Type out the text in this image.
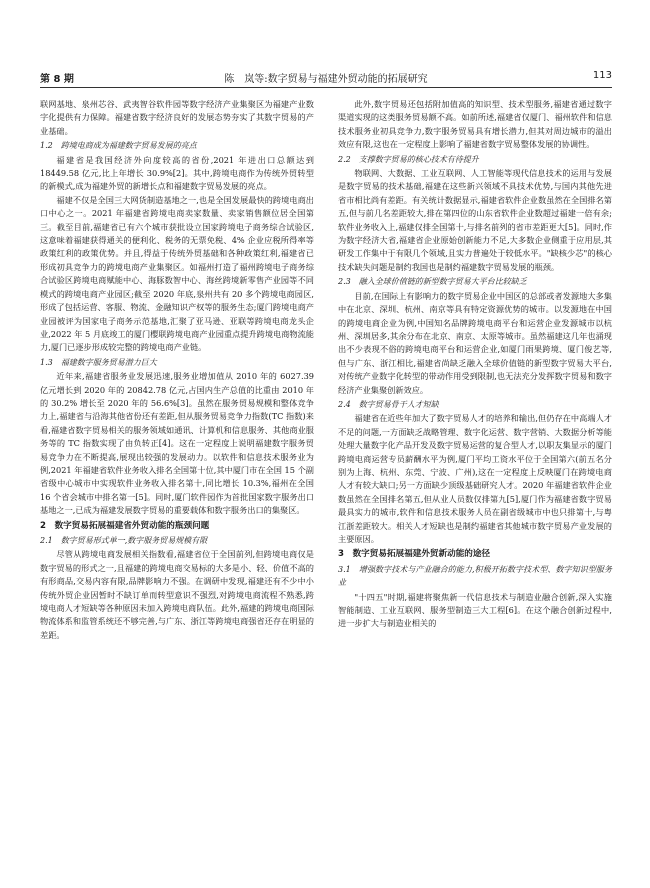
第 8 期	陈　岚等:数字贸易与福建外贸动能的拓展研究	113

联网基地、泉州芯谷、武夷智谷软件园等数字经济产业集聚区为福建产业数字化提供有力保障。福建省数字经济良好的发展态势夯实了其数字贸易的产业基础。

1.2　跨境电商成为福建数字贸易发展的亮点

福建省是我国经济外向度较高的省份,2021 年进出口总额达到 18449.58 亿元,比上年增长 30.9%[2]。其中,跨境电商作为传统外贸转型的新模式,成为福建外贸的新增长点和福建数字贸易发展的亮点。

福建不仅是全国三大网货制造基地之一,也是全国发展最快的跨境电商出口中心之一。2021 年福建省跨境电商卖家数量、卖家销售额位居全国第三。截至目前,福建省已有六个城市获批设立国家跨境电子商务综合试验区,这意味着福建获得通关的便利化、税务的无票免税、4% 企业应税所得率等政策红利的政策优势。并且,得益于传统外贸基础和各种政策红利,福建省已形成初具竞争力的跨境电商产业集聚区。如福州打造了福州跨境电子商务综合试验区跨境电商赋能中心、海豚数智中心、海丝跨境新零售产业园等不同模式的跨境电商产业园区;截至 2020 年底,泉州共有 20 多个跨境电商园区,形成了包括运营、客服、物流、金融知识产权等的服务生态;厦门跨境电商产业园被评为国家电子商务示范基地,汇聚了亚马逊、亚联等跨境电商龙头企业,2022 年 5 月底竣工的厦门樱联跨境电商产业园重点提升跨境电商物流能力,厦门已逐步形成较完整的跨境电商产业链。

1.3　福建数字服务贸易潜力巨大

近年来,福建省服务业发展迅速,服务业增加值从 2010 年的 6027.39 亿元增长到 2020 年的 20842.78 亿元,占国内生产总值的比重由 2010 年的 30.2% 增长至 2020 年的 56.6%[3]。虽然在服务贸易规模和整体竞争力上,福建省与沿海其他省份还有差距,但从服务贸易竞争力指数(TC 指数)来看,福建省数字贸易相关的服务领域如通讯、计算机和信息服务、其他商业服务等的 TC 指数实现了由负转正[4]。这在一定程度上说明福建数字服务贸易竞争力在不断提高,展现出较强的发展动力。以软件和信息技术服务业为例,2021 年福建省软件业务收入排名全国第十位,其中厦门市在全国 15 个副省级中心城市中实现软件业务收入排名第十,同比增长 10.3%,福州在全国 16 个省会城市中排名第一[5]。同时,厦门软件园作为首批国家数字服务出口基地之一,已成为福建发展数字贸易的重要载体和数字服务出口的集聚区。

2　数字贸易拓展福建省外贸动能的瓶颈问题
2.1　数字贸易形式单一,数字服务贸易规模有限

尽管从跨境电商发展相关指数看,福建省位于全国前列,但跨境电商仅是数字贸易的形式之一,且福建的跨境电商交易标的大多是小、轻、价值不高的有形商品,交易内容有限,品牌影响力不强。在调研中发现,福建还有不少中小传统外贸企业因暂时不缺订单而转型意识不强烈,对跨境电商流程不熟悉,跨境电商人才短缺等各种原因未加入跨境电商队伍。此外,福建的跨境电商国际物流体系和监管系统还不够完善,与广东、浙江等跨境电商强省还存在明显的差距。

此外,数字贸易还包括附加值高的知识型、技术型服务,福建省通过数字渠道实现的这类服务贸易额不高。如前所述,福建省仅厦门、福州软件和信息技术服务业初具竞争力,数字服务贸易具有增长潜力,但其对周边城市的溢出效应有限,这也在一定程度上影响了福建省数字贸易整体发展的协调性。

2.2　支撑数字贸易的核心技术有待提升

物联网、大数据、工业互联网、人工智能等现代信息技术的运用与发展是数字贸易的技术基础,福建在这些新兴领域不具技术优势,与国内其他先进省市相比尚有差距。有关统计数据显示,福建省软件企业数虽然在全国排名第五,但与前几名差距较大,排在第四位的山东省软件企业数超过福建一倍有余;软件业务收入上,福建仅排全国第十,与排名前列的省市差距更大[5]。同时,作为数字经济大省,福建省企业原始创新能力不足,大多数企业侧重于应用层,其研发工作集中于有限几个领域,且实力普遍处于较低水平。"缺核少芯"的核心技术缺失问题是制约我国也是制约福建数字贸易发展的瓶颈。

2.3　融入全球价值链的新型数字贸易大平台比较缺乏

目前,在国际上有影响力的数字贸易企业中国区的总部或者发源地大多集中在北京、深圳、杭州、南京等具有特定资源优势的城市。以发源地在中国的跨境电商企业为例,中国知名品牌跨境电商平台和运营企业发源城市以杭州、深圳居多,其余分布在北京、南京、太原等城市。虽然福建这几年也涌现出不少表现不俗的跨境电商平台和运营企业,如厦门雨果跨境、厦门俊艺等,但与广东、浙江相比,福建省尚缺乏融入全球价值链的新型数字贸易大平台,对传统产业数字化转型的带动作用受到限制,也无法充分发挥数字贸易和数字经济产业集聚创新效应。

2.4　数字贸易骨干人才短缺

福建省在近些年加大了数字贸易人才的培养和输出,但仍存在中高端人才不足的问题,一方面缺乏战略管理、数字化运营、数字营销、大数据分析等能处理大量数字化产品开发及数字贸易运营的复合型人才,以职友集显示的厦门跨境电商运营专员薪酬水平为例,厦门平均工资水平位于全国第六(前五名分别为上海、杭州、东莞、宁波、广州),这在一定程度上反映厦门在跨境电商人才有较大缺口;另一方面缺少顶级基础研究人才。2020 年福建省软件企业数虽然在全国排名第五,但从业人员数仅排第九[5],厦门作为福建省数字贸易最具实力的城市,软件和信息技术服务人员在副省级城市中也只排第十,与粤江浙差距较大。相关人才短缺也是制约福建省其他城市数字贸易产业发展的主要原因。

3　数字贸易拓展福建外贸新动能的途径
3.1　增强数字技术与产业融合的能力,积极开拓数字技术型、数字知识型服务业

"十四五"时期,福建将聚焦新一代信息技术与制造业融合创新,深入实施智能制造、工业互联网、服务型制造三大工程[6]。在这个融合创新过程中,进一步扩大与制造业相关的
